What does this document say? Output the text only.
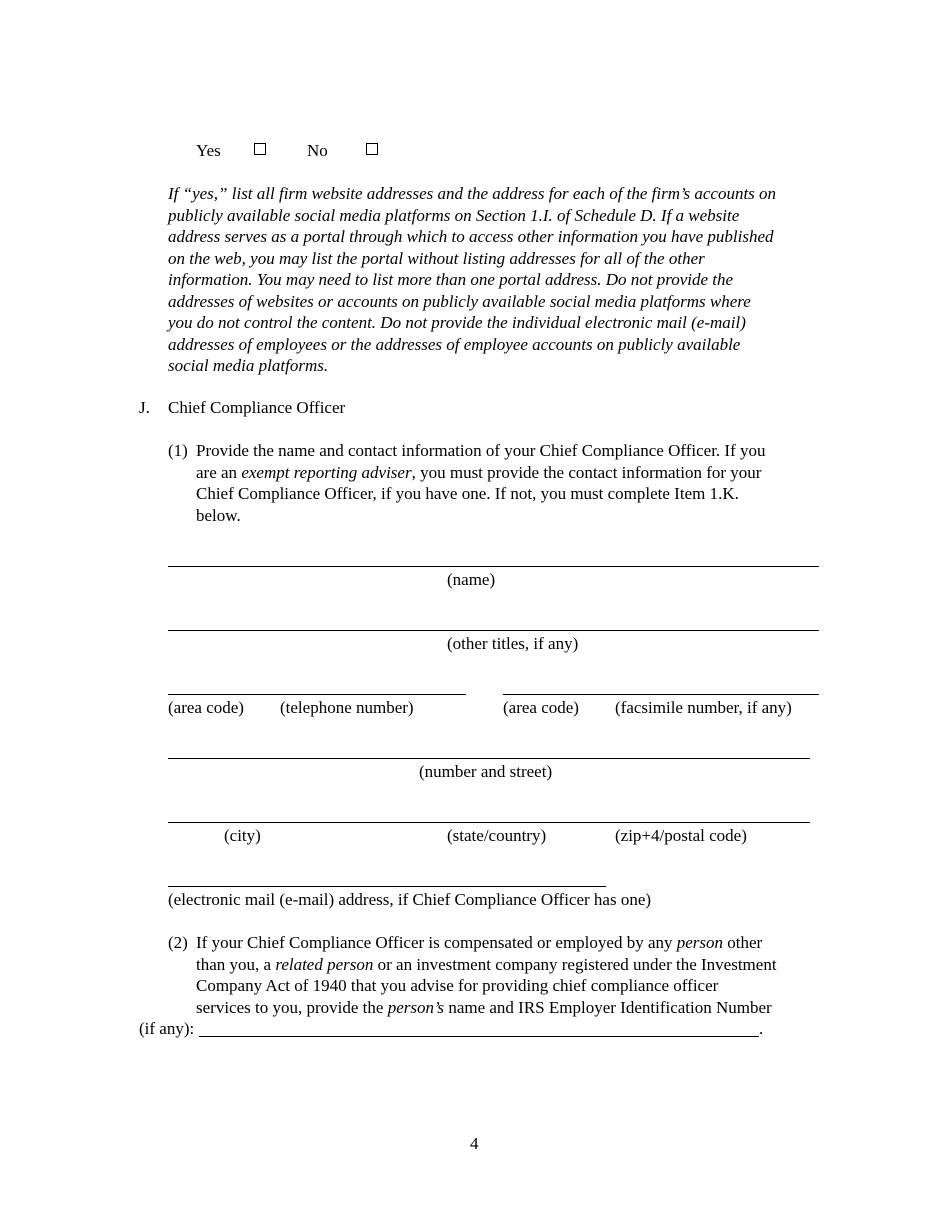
Yes	No
If “yes,” list all firm website addresses and the address for each of the firm’s accounts on
publicly available social media platforms on Section 1.I. of Schedule D. If a website
address serves as a portal through which to access other information you have published
on the web, you may list the portal without listing addresses for all of the other
information. You may need to list more than one portal address. Do not provide the
addresses of websites or accounts on publicly available social media platforms where
you do not control the content. Do not provide the individual electronic mail (e-mail)
addresses of employees or the addresses of employee accounts on publicly available
social media platforms.
J. Chief Compliance Officer
(1) Provide the name and contact information of your Chief Compliance Officer. If you
are an exempt reporting adviser, you must provide the contact information for your
Chief Compliance Officer, if you have one. If not, you must complete Item 1.K.
below.
(name)
(other titles, if any)
(area code) (telephone number)	(area code) (facsimile number, if any)
(number and street)
(city)	(state/country)	(zip+4/postal code)
(electronic mail (e-mail) address, if Chief Compliance Officer has one)
(2) If your Chief Compliance Officer is compensated or employed by any person other
than you, a related person or an investment company registered under the Investment
Company Act of 1940 that you advise for providing chief compliance officer
services to you, provide the person’s name and IRS Employer Identification Number
(if any):	.
4
